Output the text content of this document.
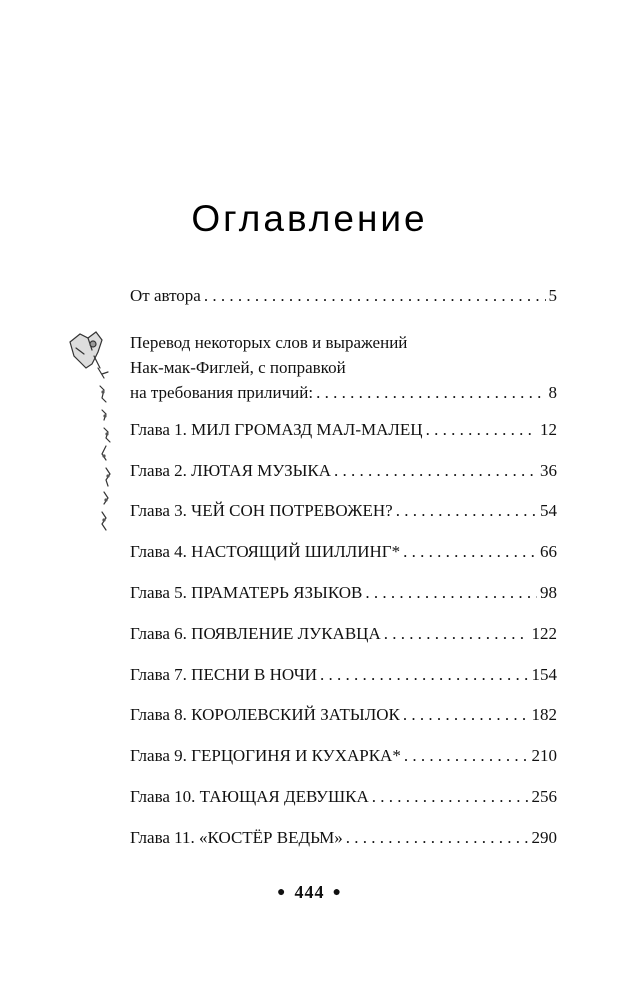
Оглавление
От автора . . .	5
Перевод некоторых слов и выражений
Нак-мак-Фиглей, с поправкой
на требования приличий: . . .	8
Глава 1. МИЛ ГРОМАЗД МАЛ-МАЛЕЦ . . .	12
Глава 2. ЛЮТАЯ МУЗЫКА . . .	36
Глава 3. ЧЕЙ СОН ПОТРЕВОЖЕН? . . .	54
Глава 4. НАСТОЯЩИЙ ШИЛЛИНГ* . . .	66
Глава 5. ПРАМАТЕРЬ ЯЗЫКОВ . . .	98
Глава 6. ПОЯВЛЕНИЕ ЛУКАВЦА . . .	122
Глава 7. ПЕСНИ В НОЧИ . . .	154
Глава 8. КОРОЛЕВСКИЙ ЗАТЫЛОК . . .	182
Глава 9. ГЕРЦОГИНЯ И КУХАРКА* . . .	210
Глава 10. ТАЮЩАЯ ДЕВУШКА . . .	256
Глава 11. «КОСТЁР ВЕДЬМ» . . .	290
● 444 ●
